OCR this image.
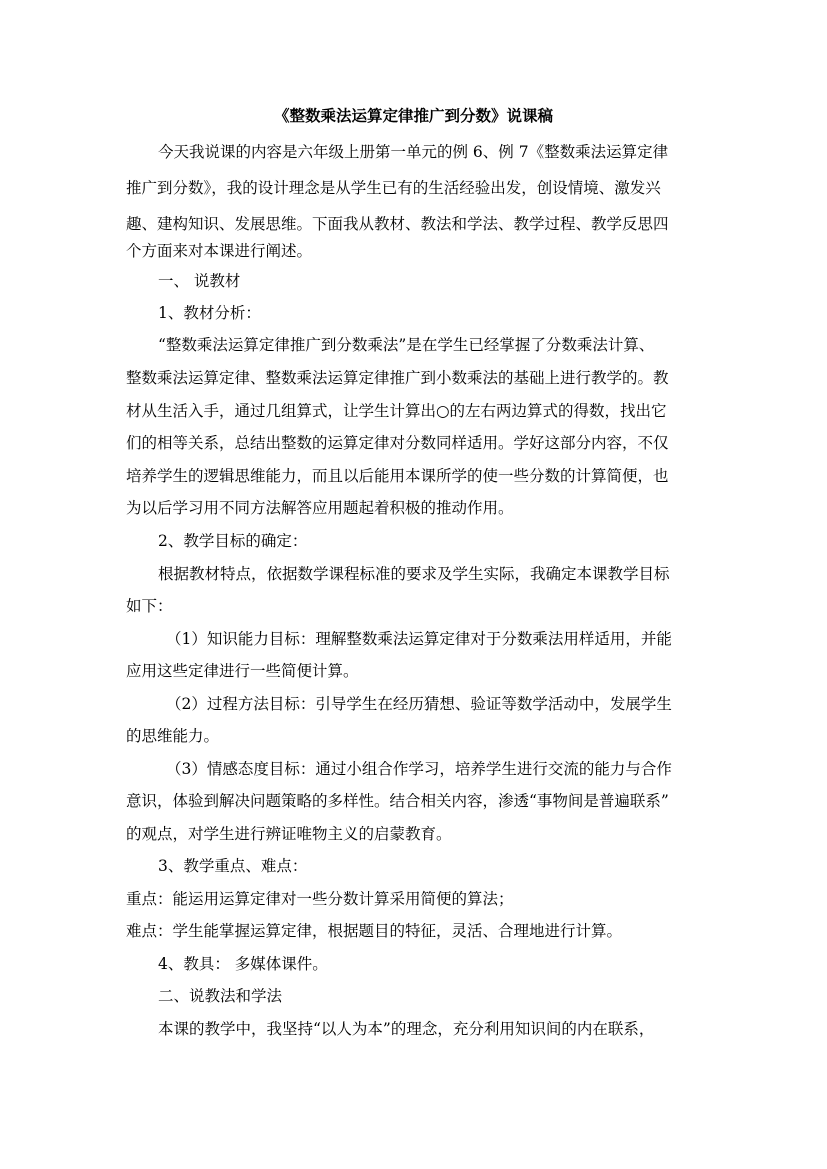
《整数乘法运算定律推广到分数》说课稿
今天我说课的内容是六年级上册第一单元的例 6、例 7《整数乘法运算定律
推广到分数》，我的设计理念是从学生已有的生活经验出发，创设情境、激发兴
趣、建构知识、发展思维。下面我从教材、教法和学法、教学过程、教学反思四
个方面来对本课进行阐述。
一、 说教材
1、教材分析：
“整数乘法运算定律推广到分数乘法”是在学生已经掌握了分数乘法计算、
整数乘法运算定律、整数乘法运算定律推广到小数乘法的基础上进行教学的。教
材从生活入手，通过几组算式，让学生计算出○的左右两边算式的得数，找出它
们的相等关系，总结出整数的运算定律对分数同样适用。学好这部分内容，不仅
培养学生的逻辑思维能力，而且以后能用本课所学的使一些分数的计算简便，也
为以后学习用不同方法解答应用题起着积极的推动作用。
2、教学目标的确定：
根据教材特点，依据数学课程标准的要求及学生实际，我确定本课教学目标
如下：
（1）知识能力目标：理解整数乘法运算定律对于分数乘法用样适用，并能
应用这些定律进行一些简便计算。
（2）过程方法目标：引导学生在经历猜想、验证等数学活动中，发展学生
的思维能力。
（3）情感态度目标：通过小组合作学习，培养学生进行交流的能力与合作
意识，体验到解决问题策略的多样性。结合相关内容，渗透“事物间是普遍联系”
的观点，对学生进行辨证唯物主义的启蒙教育。
3、教学重点、难点：
重点：能运用运算定律对一些分数计算采用简便的算法；
难点：学生能掌握运算定律，根据题目的特征，灵活、合理地进行计算。
4、教具： 多媒体课件。
二、说教法和学法
本课的教学中，我坚持“以人为本”的理念，充分利用知识间的内在联系，
